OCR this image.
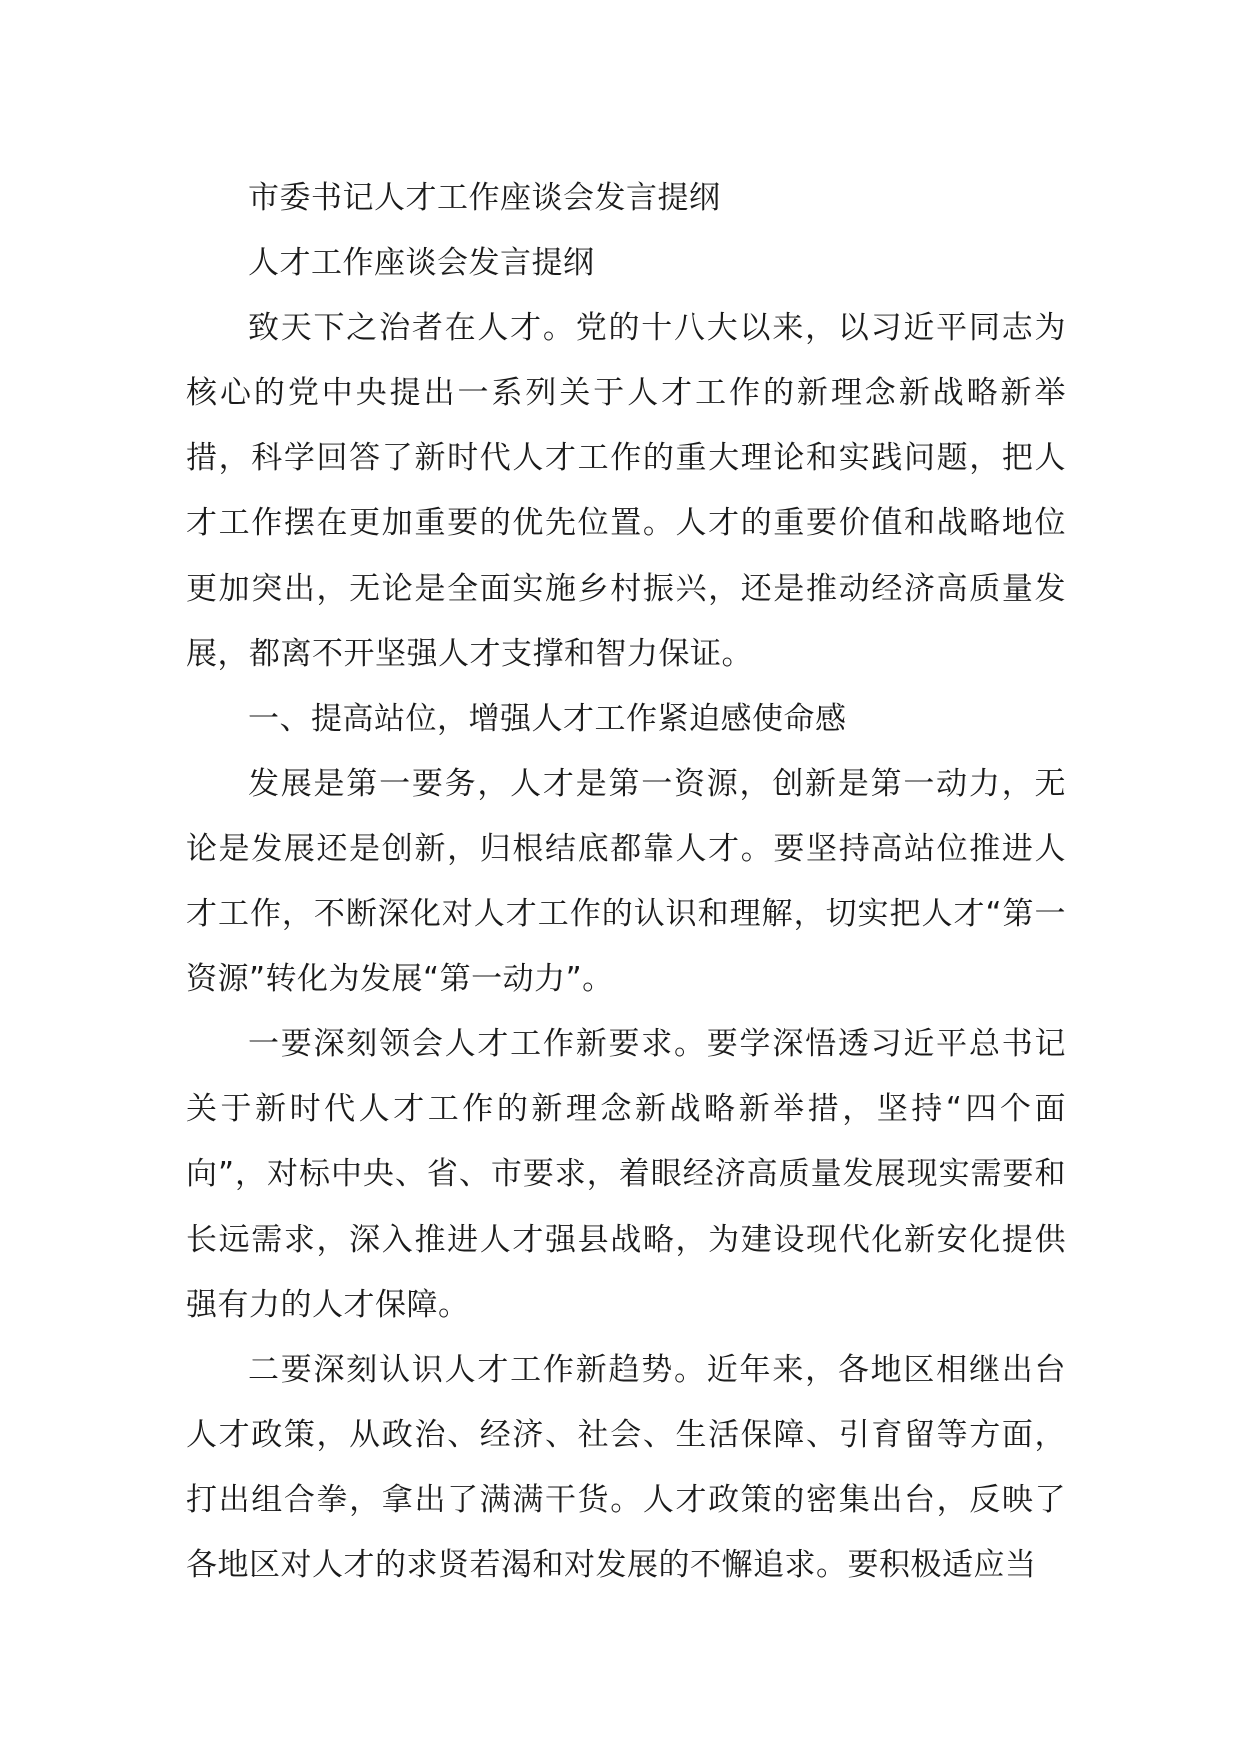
市委书记人才工作座谈会发言提纲

人才工作座谈会发言提纲

致天下之治者在人才。党的十八大以来，以习近平同志为核心的党中央提出一系列关于人才工作的新理念新战略新举措，科学回答了新时代人才工作的重大理论和实践问题，把人才工作摆在更加重要的优先位置。人才的重要价值和战略地位更加突出，无论是全面实施乡村振兴，还是推动经济高质量发展，都离不开坚强人才支撑和智力保证。

一、提高站位，增强人才工作紧迫感使命感

发展是第一要务，人才是第一资源，创新是第一动力，无论是发展还是创新，归根结底都靠人才。要坚持高站位推进人才工作，不断深化对人才工作的认识和理解，切实把人才“第一资源”转化为发展“第一动力”。

一要深刻领会人才工作新要求。要学深悟透习近平总书记关于新时代人才工作的新理念新战略新举措，坚持“四个面向”，对标中央、省、市要求，着眼经济高质量发展现实需要和长远需求，深入推进人才强县战略，为建设现代化新安化提供强有力的人才保障。

二要深刻认识人才工作新趋势。近年来，各地区相继出台人才政策，从政治、经济、社会、生活保障、引育留等方面，打出组合拳，拿出了满满干货。人才政策的密集出台，反映了各地区对人才的求贤若渴和对发展的不懈追求。要积极适应当
